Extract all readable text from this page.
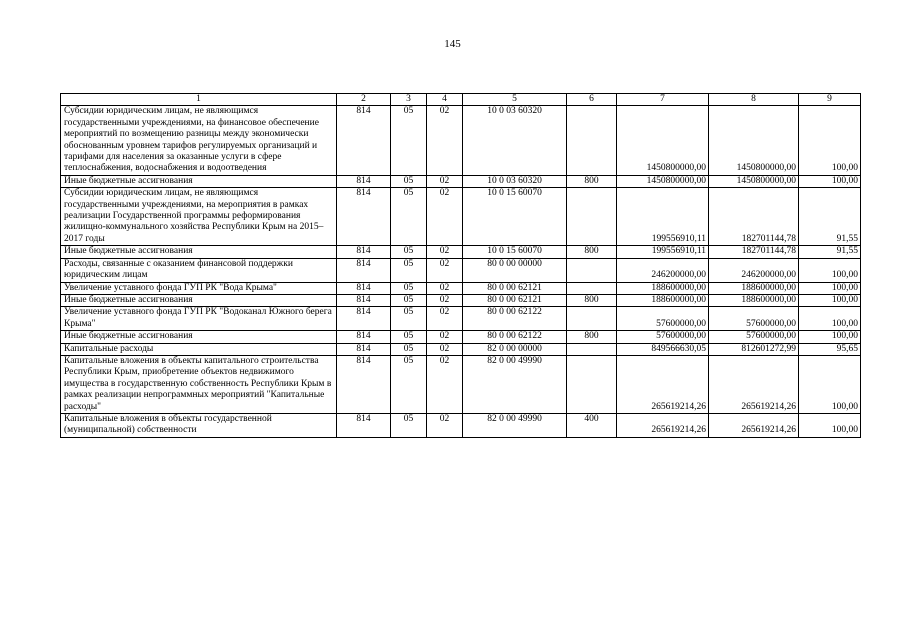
145
1	2	3	4	5	6	7	8	9
Субсидии юридическим лицам, не являющимся государственными учреждениями, на финансовое обеспечение мероприятий по возмещению разницы между экономически обоснованным уровнем тарифов регулируемых организаций и тарифами для населения за оказанные услуги в сфере теплоснабжения, водоснабжения и водоотведения	814	05	02	10 0 03 60320		1450800000,00	1450800000,00	100,00
Иные бюджетные ассигнования	814	05	02	10 0 03 60320	800	1450800000,00	1450800000,00	100,00
Субсидии юридическим лицам, не являющимся государственными учреждениями, на мероприятия в рамках реализации Государственной программы реформирования жилищно-коммунального хозяйства Республики Крым на 2015–2017 годы	814	05	02	10 0 15 60070		199556910,11	182701144,78	91,55
Иные бюджетные ассигнования	814	05	02	10 0 15 60070	800	199556910,11	182701144,78	91,55
Расходы, связанные с оказанием финансовой поддержки юридическим лицам	814	05	02	80 0 00 00000		246200000,00	246200000,00	100,00
Увеличение уставного фонда ГУП РК "Вода Крыма"	814	05	02	80 0 00 62121		188600000,00	188600000,00	100,00
Иные бюджетные ассигнования	814	05	02	80 0 00 62121	800	188600000,00	188600000,00	100,00
Увеличение уставного фонда ГУП РК "Водоканал Южного берега Крыма"	814	05	02	80 0 00 62122		57600000,00	57600000,00	100,00
Иные бюджетные ассигнования	814	05	02	80 0 00 62122	800	57600000,00	57600000,00	100,00
Капитальные расходы	814	05	02	82 0 00 00000		849566630,05	812601272,99	95,65
Капитальные вложения в объекты капитального строительства Республики Крым, приобретение объектов недвижимого имущества в государственную собственность Республики Крым в рамках реализации непрограммных мероприятий "Капитальные расходы"	814	05	02	82 0 00 49990		265619214,26	265619214,26	100,00
Капитальные вложения в объекты государственной (муниципальной) собственности	814	05	02	82 0 00 49990	400	265619214,26	265619214,26	100,00
